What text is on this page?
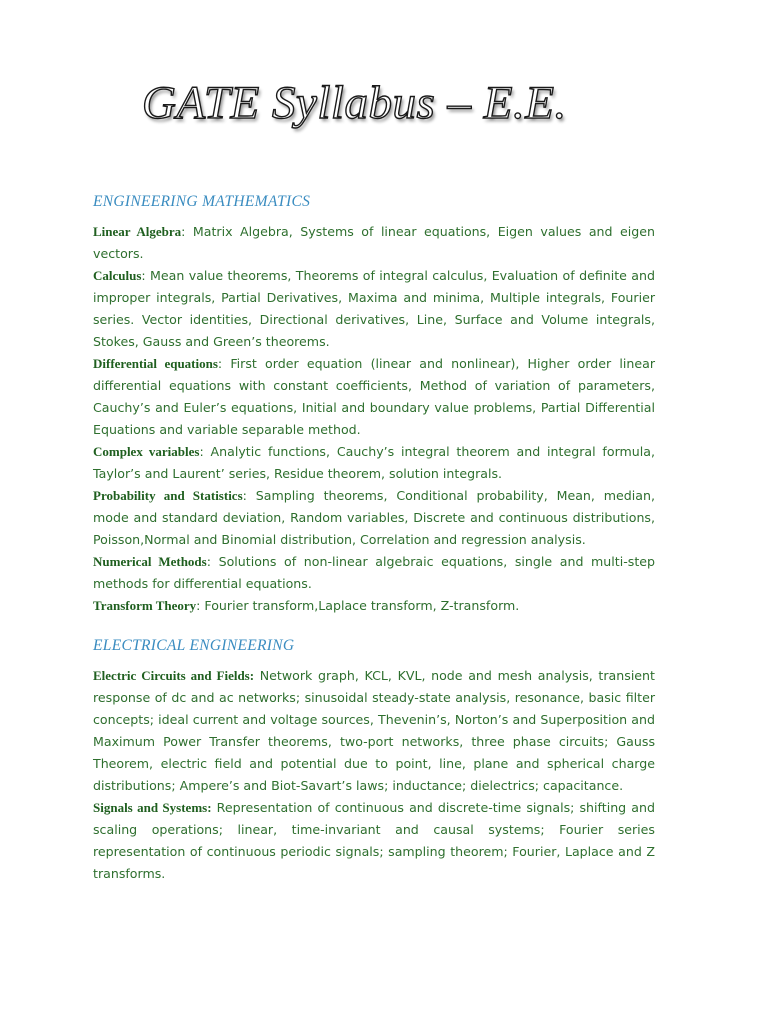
GATE Syllabus – E.E.
ENGINEERING MATHEMATICS

Linear Algebra: Matrix Algebra, Systems of linear equations, Eigen values and eigen vectors.

Calculus: Mean value theorems, Theorems of integral calculus, Evaluation of definite and improper integrals, Partial Derivatives, Maxima and minima, Multiple integrals, Fourier series. Vector identities, Directional derivatives, Line, Surface and Volume integrals, Stokes, Gauss and Green’s theorems.

Differential equations: First order equation (linear and nonlinear), Higher order linear differential equations with constant coefficients, Method of variation of parameters, Cauchy’s and Euler’s equations, Initial and boundary value problems, Partial Differential Equations and variable separable method.

Complex variables: Analytic functions, Cauchy’s integral theorem and integral formula, Taylor’s and Laurent’ series, Residue theorem, solution integrals.

Probability and Statistics: Sampling theorems, Conditional probability, Mean, median, mode and standard deviation, Random variables, Discrete and continuous distributions, Poisson,Normal and Binomial distribution, Correlation and regression analysis.

Numerical Methods: Solutions of non-linear algebraic equations, single and multi-step methods for differential equations.

Transform Theory: Fourier transform,Laplace transform, Z-transform.

ELECTRICAL ENGINEERING

Electric Circuits and Fields: Network graph, KCL, KVL, node and mesh analysis, transient response of dc and ac networks; sinusoidal steady-state analysis, resonance, basic filter concepts; ideal current and voltage sources, Thevenin’s, Norton’s and Superposition and Maximum Power Transfer theorems, two-port networks, three phase circuits; Gauss Theorem, electric field and potential due to point, line, plane and spherical charge distributions; Ampere’s and Biot-Savart’s laws; inductance; dielectrics; capacitance.

Signals and Systems: Representation of continuous and discrete-time signals; shifting and scaling operations; linear, time-invariant and causal systems; Fourier series representation of continuous periodic signals; sampling theorem; Fourier, Laplace and Z transforms.
